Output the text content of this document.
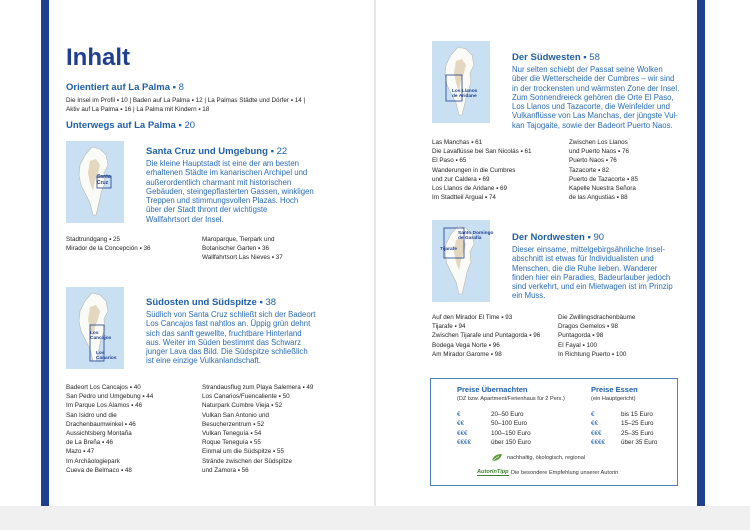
Inhalt
Orientiert auf La Palma ▪ 8
Die Insel im Profil ▪ 10 | Baden auf La Palma ▪ 12 | La Palmas Städte und Dörfer ▪ 14 |
Aktiv auf La Palma ▪ 16 | La Palma mit Kindern ▪ 18
Unterwegs auf La Palma ▪ 20
Santa
Cruz
Santa Cruz und Umgebung ▪ 22
Die kleine Hauptstadt ist eine der am besten
erhaltenen Städte im kanarischen Archipel und
außerordentlich charmant mit historischen
Gebäuden, steingepflasterten Gassen, winkligen
Treppen und stimmungsvollen Plazas. Hoch
über der Stadt thront der wichtigste
Wallfahrtsort der Insel.
Stadtrundgang ▪ 25
Mirador de la Concepción ▪ 36
Maroparque, Tierpark und
Botanischer Garten ▪ 36
Wallfahrtsort Las Nieves ▪ 37
Los
Cancajos
Los
Canarios
Südosten und Südspitze ▪ 38
Südlich von Santa Cruz schließt sich der Badeort
Los Cancajos fast nahtlos an. Üppig grün dehnt
sich das sanft gewellte, fruchtbare Hinterland
aus. Weiter im Süden bestimmt das Schwarz
junger Lava das Bild. Die Südspitze schließlich
ist eine einzige Vulkanlandschaft.
Badeort Los Cancajos ▪ 40
San Pedro und Umgebung ▪ 44
Im Parque Los Alamos ▪ 46
San Isidro und die
Drachenbaumwinkel ▪ 46
Aussichtsberg Montaña
de La Breña ▪ 46
Mazo ▪ 47
Im Archäologiepark
Cueva de Belmaco ▪ 48
Strandausflug zum Playa Salemera ▪ 49
Los Canarios/Fuencaliente ▪ 50
Naturpark Cumbre Vieja ▪ 52
Vulkan San Antonio und
Besucherzentrum ▪ 52
Vulkan Teneguía ▪ 54
Roque Teneguía ▪ 55
Einmal um die Südspitze ▪ 55
Strände zwischen der Südspitze
und Zamora ▪ 56
Los Llanos
de Aridane
Der Südwesten ▪ 58
Nur selten schiebt der Passat seine Wolken
über die Wetterscheide der Cumbres – wir sind
in der trockensten und wärmsten Zone der Insel.
Zum Sonnendreieck gehören die Orte El Paso,
Los Llanos und Tazacorte, die Weinfelder und
Vulkanflüsse von Las Manchas, der jüngste Vul-
kan Tajogaite, sowie der Badeort Puerto Naos.
Las Manchas ▪ 61
Die Lavaflüsse bei San Nicolás ▪ 61
El Paso ▪ 65
Wanderungen in die Cumbres
und zur Caldera ▪ 69
Los Llanos de Aridane ▪ 69
Im Stadtteil Argual ▪ 74
Zwischen Los Llanos
und Puerto Naos ▪ 76
Puerto Naos ▪ 76
Tazacorte ▪ 82
Puerto de Tazacorte ▪ 85
Kapelle Nuestra Señora
de las Angustias ▪ 88
Santo Domingo
de Garafía
Tijarafe
Der Nordwesten ▪ 90
Dieser einsame, mittelgebirgsähnliche Insel-
abschnitt ist etwas für Individualisten und
Menschen, die die Ruhe lieben. Wanderer
finden hier ein Paradies, Badeurlauber jedoch
sind verkehrt, und ein Mietwagen ist im Prinzip
ein Muss.
Auf den Mirador El Time ▪ 93
Tijarafe ▪ 94
Zwischen Tijarafe und Puntagorda ▪ 96
Bodega Vega Norte ▪ 96
Am Mirador Garome ▪ 98
Die Zwillingsdrachenbäume
Dragos Gemelos ▪ 98
Puntagorda ▪ 98
El Fayal ▪ 100
In Richtung Puerto ▪ 100
Preise Übernachten
(DZ bzw. Apartment/Ferienhaus für 2 Pers.)
Preise Essen
(ein Hauptgericht)
€
€€
€€€
€€€€
20–50 Euro
50–100 Euro
100–150 Euro
über 150 Euro
€
€€
€€€
€€€€
bis 15 Euro
15–25 Euro
25–35 Euro
über 35 Euro
nachhaltig, ökologisch, regional
AutorinTipp Die besondere Empfehlung unserer Autorin
